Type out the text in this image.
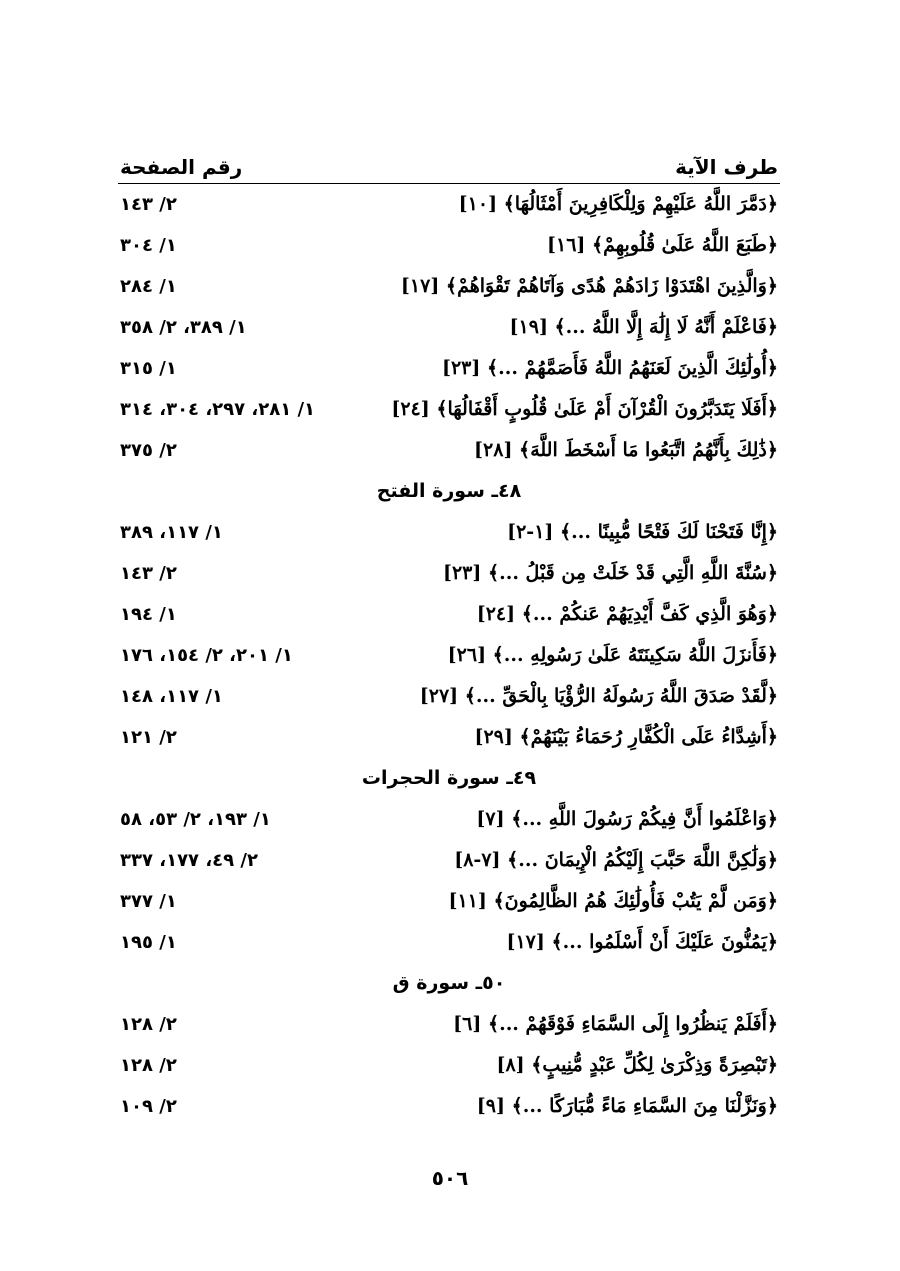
طرف الآية
رقم الصفحة
﴿دَمَّرَ اللَّهُ عَلَيْهِمْ وَلِلْكَافِرِينَ أَمْثَالُهَا﴾ [١٠]
٢/ ١٤٣
﴿طَبَعَ اللَّهُ عَلَىٰ قُلُوبِهِمْ﴾ [١٦]
١/ ٣٠٤
﴿وَالَّذِينَ اهْتَدَوْا زَادَهُمْ هُدًى وَآتَاهُمْ تَقْوَاهُمْ﴾ [١٧]
١/ ٢٨٤
﴿فَاعْلَمْ أَنَّهُ لَا إِلَٰهَ إِلَّا اللَّهُ ...﴾ [١٩]
١/ ٣٨٩، ٢/ ٣٥٨
﴿أُولَٰئِكَ الَّذِينَ لَعَنَهُمُ اللَّهُ فَأَصَمَّهُمْ ...﴾ [٢٣]
١/ ٣١٥
﴿أَفَلَا يَتَدَبَّرُونَ الْقُرْآنَ أَمْ عَلَىٰ قُلُوبٍ أَقْفَالُهَا﴾ [٢٤]
١/ ٢٨١، ٢٩٧، ٣٠٤، ٣١٤
﴿ذَٰلِكَ بِأَنَّهُمُ اتَّبَعُوا مَا أَسْخَطَ اللَّهَ﴾ [٢٨]
٢/ ٣٧٥
٤٨ـ سورة الفتح
﴿إِنَّا فَتَحْنَا لَكَ فَتْحًا مُّبِينًا ...﴾ [١-٢]
١/ ١١٧، ٣٨٩
﴿سُنَّةَ اللَّهِ الَّتِي قَدْ خَلَتْ مِن قَبْلُ ...﴾ [٢٣]
٢/ ١٤٣
﴿وَهُوَ الَّذِي كَفَّ أَيْدِيَهُمْ عَنكُمْ ...﴾ [٢٤]
١/ ١٩٤
﴿فَأَنزَلَ اللَّهُ سَكِينَتَهُ عَلَىٰ رَسُولِهِ ...﴾ [٢٦]
١/ ٢٠١، ٢/ ١٥٤، ١٧٦
﴿لَّقَدْ صَدَقَ اللَّهُ رَسُولَهُ الرُّؤْيَا بِالْحَقِّ ...﴾ [٢٧]
١/ ١١٧، ١٤٨
﴿أَشِدَّاءُ عَلَى الْكُفَّارِ رُحَمَاءُ بَيْنَهُمْ﴾ [٢٩]
٢/ ١٢١
٤٩ـ سورة الحجرات
﴿وَاعْلَمُوا أَنَّ فِيكُمْ رَسُولَ اللَّهِ ...﴾ [٧]
١/ ١٩٣، ٢/ ٥٣، ٥٨
﴿وَلَٰكِنَّ اللَّهَ حَبَّبَ إِلَيْكُمُ الْإِيمَانَ ...﴾ [٧-٨]
٢/ ٤٩، ١٧٧، ٣٣٧
﴿وَمَن لَّمْ يَتُبْ فَأُولَٰئِكَ هُمُ الظَّالِمُونَ﴾ [١١]
١/ ٣٧٧
﴿يَمُنُّونَ عَلَيْكَ أَنْ أَسْلَمُوا ...﴾ [١٧]
١/ ١٩٥
٥٠ـ سورة ق
﴿أَفَلَمْ يَنظُرُوا إِلَى السَّمَاءِ فَوْقَهُمْ ...﴾ [٦]
٢/ ١٢٨
﴿تَبْصِرَةً وَذِكْرَىٰ لِكُلِّ عَبْدٍ مُّنِيبٍ﴾ [٨]
٢/ ١٢٨
﴿وَنَزَّلْنَا مِنَ السَّمَاءِ مَاءً مُّبَارَكًا ...﴾ [٩]
٢/ ١٠٩
٥٠٦
